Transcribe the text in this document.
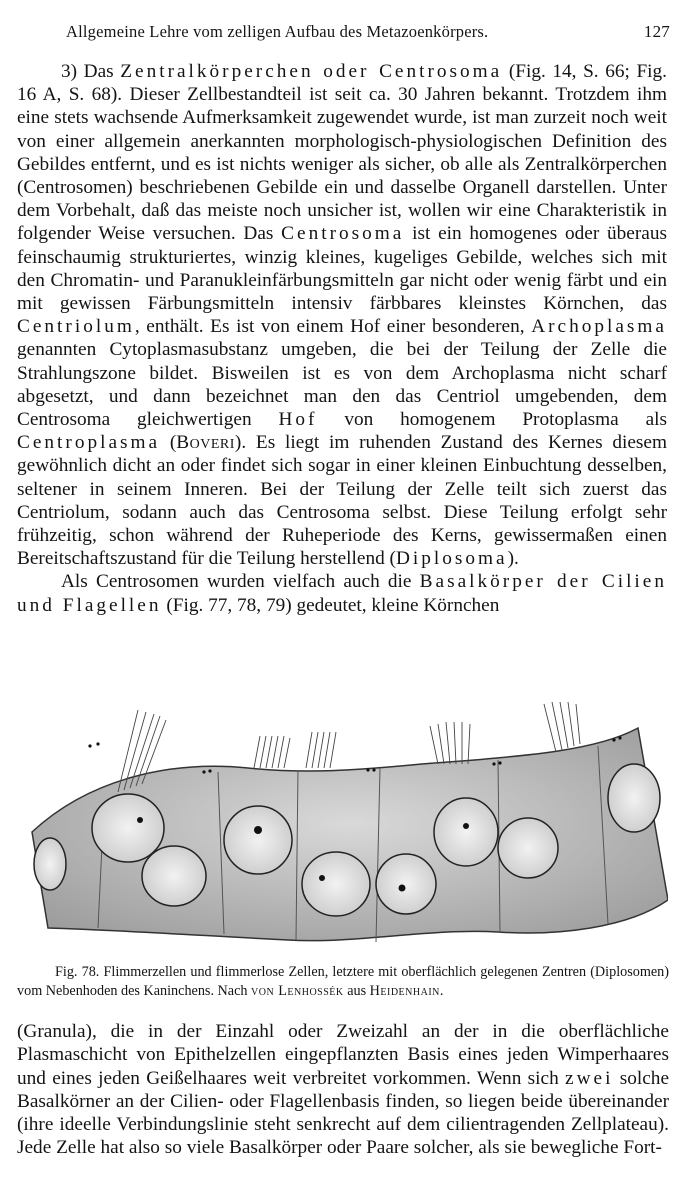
Allgemeine Lehre vom zelligen Aufbau des Metazoenkörpers.	127

3) Das Zentralkörperchen oder Centrosoma (Fig. 14, S. 66; Fig. 16 A, S. 68). Dieser Zellbestandteil ist seit ca. 30 Jahren bekannt. Trotzdem ihm eine stets wachsende Aufmerksamkeit zugewendet wurde, ist man zurzeit noch weit von einer allgemein anerkannten morphologisch-physiologischen Definition des Gebildes entfernt, und es ist nichts weniger als sicher, ob alle als Zentralkörperchen (Centrosomen) beschriebenen Gebilde ein und dasselbe Organell darstellen. Unter dem Vorbehalt, daß das meiste noch unsicher ist, wollen wir eine Charakteristik in folgender Weise versuchen. Das Centrosoma ist ein homogenes oder überaus feinschaumig strukturiertes, winzig kleines, kugeliges Gebilde, welches sich mit den Chromatin- und Paranukleinfärbungsmitteln gar nicht oder wenig färbt und ein mit gewissen Färbungsmitteln intensiv färbbares kleinstes Körnchen, das Centriolum, enthält. Es ist von einem Hof einer besonderen, Archoplasma genannten Cytoplasmasubstanz umgeben, die bei der Teilung der Zelle die Strahlungszone bildet. Bisweilen ist es von dem Archoplasma nicht scharf abgesetzt, und dann bezeichnet man den das Centriol umgebenden, dem Centrosoma gleichwertigen Hof von homogenem Protoplasma als Centroplasma (Boveri). Es liegt im ruhenden Zustand des Kernes diesem gewöhnlich dicht an oder findet sich sogar in einer kleinen Einbuchtung desselben, seltener in seinem Inneren. Bei der Teilung der Zelle teilt sich zuerst das Centriolum, sodann auch das Centrosoma selbst. Diese Teilung erfolgt sehr frühzeitig, schon während der Ruheperiode des Kerns, gewissermaßen einen Bereitschaftszustand für die Teilung herstellend (Diplosoma).

Als Centrosomen wurden vielfach auch die Basalkörper der Cilien und Flagellen (Fig. 77, 78, 79) gedeutet, kleine Körnchen

Fig. 78. Flimmerzellen und flimmerlose Zellen, letztere mit oberflächlich gelegenen Zentren (Diplosomen) vom Nebenhoden des Kaninchens. Nach von Lenhossék aus Heidenhain.

(Granula), die in der Einzahl oder Zweizahl an der in die oberflächliche Plasmaschicht von Epithelzellen eingepflanzten Basis eines jeden Wimperhaares und eines jeden Geißelhaares weit verbreitet vorkommen. Wenn sich zwei solche Basalkörner an der Cilien- oder Flagellenbasis finden, so liegen beide übereinander (ihre ideelle Verbindungslinie steht senkrecht auf dem cilientragenden Zellplateau). Jede Zelle hat also so viele Basalkörper oder Paare solcher, als sie bewegliche Fort-
